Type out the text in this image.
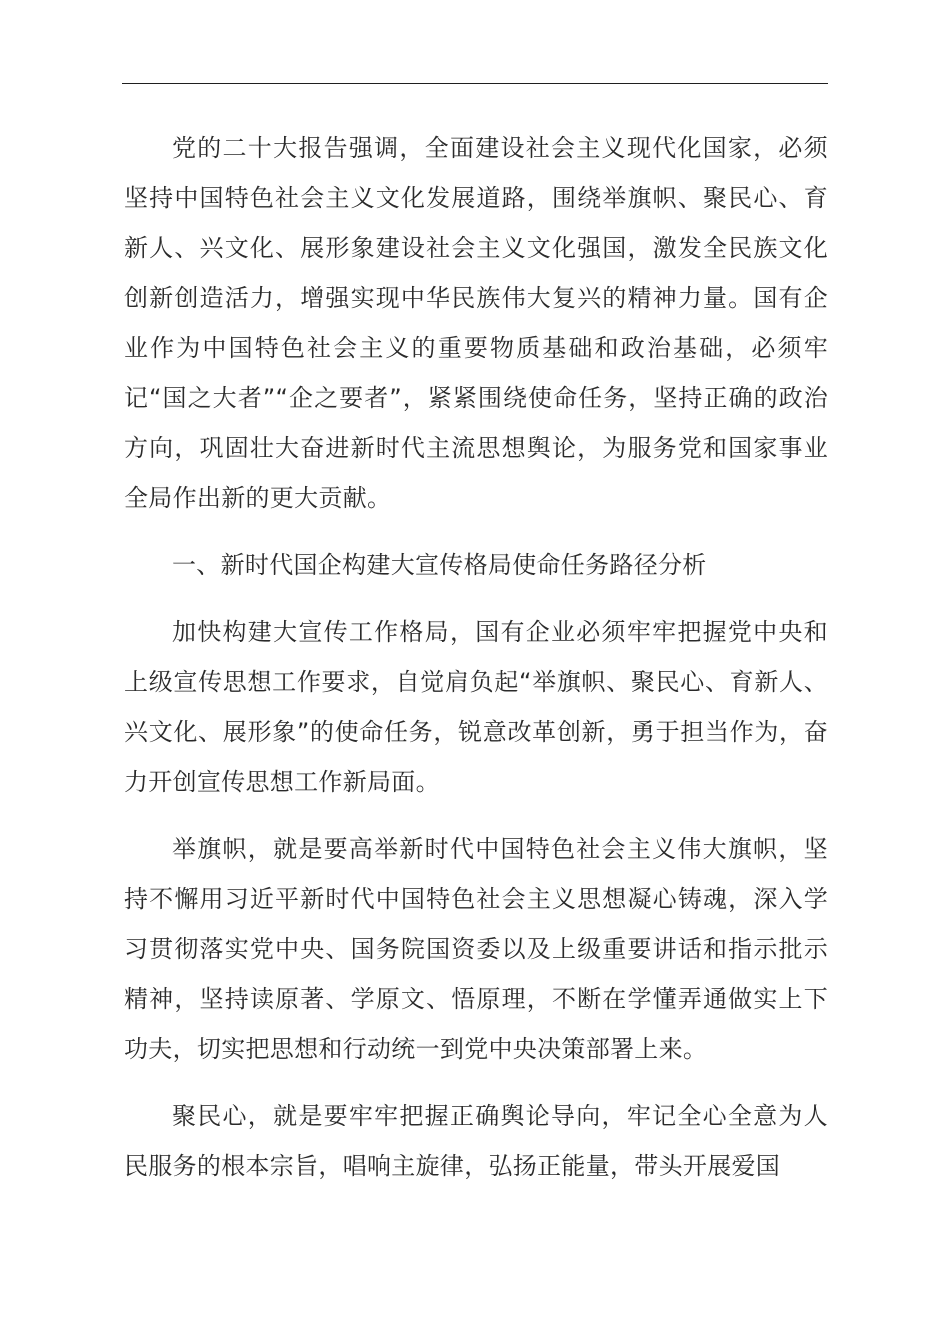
党的二十大报告强调，全面建设社会主义现代化国家，必须坚持中国特色社会主义文化发展道路，围绕举旗帜、聚民心、育新人、兴文化、展形象建设社会主义文化强国，激发全民族文化创新创造活力，增强实现中华民族伟大复兴的精神力量。国有企业作为中国特色社会主义的重要物质基础和政治基础，必须牢记“国之大者”“企之要者”，紧紧围绕使命任务，坚持正确的政治方向，巩固壮大奋进新时代主流思想舆论，为服务党和国家事业全局作出新的更大贡献。

一、新时代国企构建大宣传格局使命任务路径分析

加快构建大宣传工作格局，国有企业必须牢牢把握党中央和上级宣传思想工作要求，自觉肩负起“举旗帜、聚民心、育新人、兴文化、展形象”的使命任务，锐意改革创新，勇于担当作为，奋力开创宣传思想工作新局面。

举旗帜，就是要高举新时代中国特色社会主义伟大旗帜，坚持不懈用习近平新时代中国特色社会主义思想凝心铸魂，深入学习贯彻落实党中央、国务院国资委以及上级重要讲话和指示批示精神，坚持读原著、学原文、悟原理，不断在学懂弄通做实上下功夫，切实把思想和行动统一到党中央决策部署上来。

聚民心，就是要牢牢把握正确舆论导向，牢记全心全意为人民服务的根本宗旨，唱响主旋律，弘扬正能量，带头开展爱国
